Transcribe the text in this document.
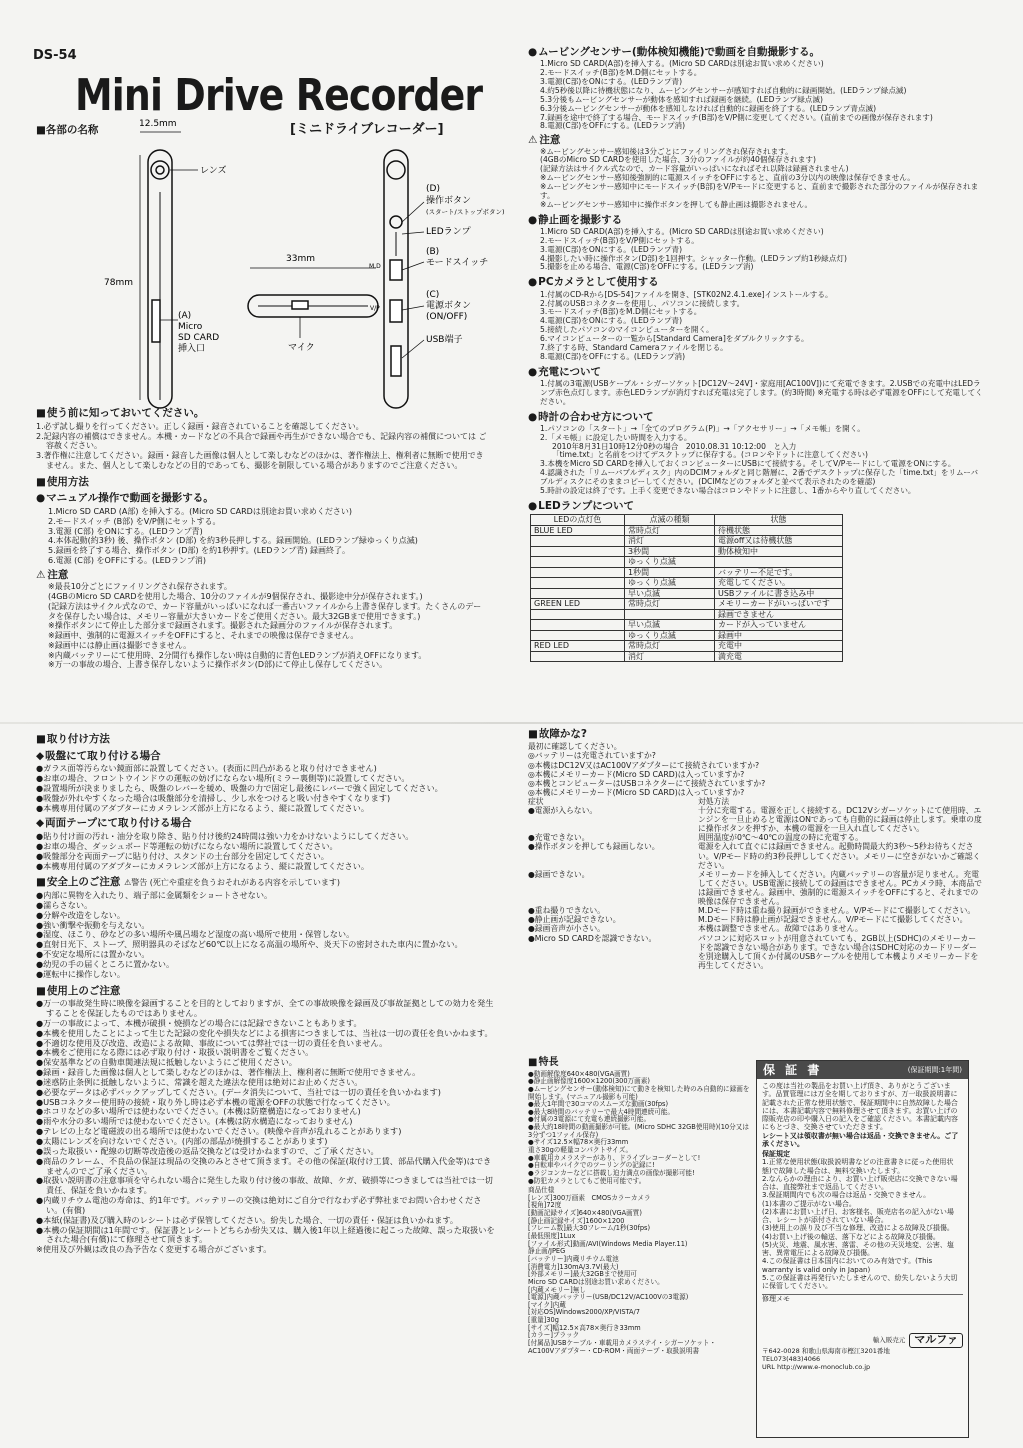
DS-54
Mini Drive Recorder
[ミニドライブレコーダー]
■各部の名称	12.5mm
78mm
レンズ
(A)
Micro
SD CARD
挿入口
33mm
マイク
M.D
V/P
(D)
操作ボタン
(スタート/ストップボタン)
LEDランプ
(B)
モードスイッチ
(C)
電源ボタン
(ON/OFF)
USB端子
■ 使う前に知っておいてください。

1.必ず試し撮りを行ってください。正しく録画・録音されていることを確認してください。

2.記録内容の補償はできません。本機・カードなどの不具合で録画や再生ができない場合でも、記録内容の補償については ご容赦ください。

3.著作権に注意してください。録画・録音した画像は個人として楽しむなどのほかは、著作権法上、権利者に無断で使用できません。また、個人として楽しむなどの目的であっても、撮影を制限している場合がありますのでご注意ください。

■ 使用方法
● マニュアル操作で動画を撮影する。

1.Micro SD CARD (A部) を挿入する。(Micro SD CARDは別途お買い求めください)

2.モードスイッチ (B部) をV/P側にセットする。

3.電源 (C部) をONにする。(LEDランプ青)

4.本体起動(約3秒) 後、操作ボタン (D部) を約3秒長押しする。録画開始。(LEDランプ緑ゆっくり点滅)

5.録画を終了する場合、操作ボタン (D部) を約1秒押す。(LEDランプ青) 録画終了。

6.電源 (C部) をOFFにする。(LEDランプ消)

⚠ 注意

※最長10分ごとにファイリングされ保存されます。

(4GBのMicro SD CARDを使用した場合、10分のファイルが9個保存され、撮影途中分が保存されます。)

(記録方法はサイクル式なので、カード容量がいっぱいになれば一番古いファイルから上書き保存します。たくさんのデータを保存したい場合は、メモリー容量が大きいカードをご使用ください。最大32GBまで使用できます。)

※操作ボタンにて停止した部分まで録画されます。撮影された録画分のファイルが保存されます。

※録画中、強制的に電源スイッチをOFFにすると、それまでの映像は保存できません。

※録画中には静止画は撮影できません。

※内蔵バッテリーにて使用時、2分間行も操作しない時は自動的に青色LEDランプが消えOFFになります。

※万一の事故の場合、上書き保存しないように操作ボタン(D部)にて停止し保存してください。

● ムービングセンサー(動体検知機能)で動画を自動撮影する。

1.Micro SD CARD(A部)を挿入する。(Micro SD CARDは別途お買い求めください)

2.モードスイッチ(B部)をM.D側にセットする。

3.電源(C部)をONにする。(LEDランプ青)

4.約5秒後以降に待機状態になり、ムービングセンサーが感知すれば自動的に録画開始。(LEDランプ緑点滅)

5.3分後もムービングセンサーが動体を感知すれば録画を継続。(LEDランプ緑点滅)

6.3分後ムービングセンサーが動体を感知しなければ自動的に録画を終了する。(LEDランプ青点滅)

7.録画を途中で終了する場合、モードスイッチ(B部)をV/P側に変更してください。(直前までの画像が保存されます)

8.電源(C部)をOFFにする。(LEDランプ消)

⚠ 注意

※ムービングセンサー感知後は3分ごとにファイリングされ保存されます。

(4GBのMicro SD CARDを使用した場合、3分のファイルが約40個保存されます)

(記録方法はサイクル式なので、カード容量がいっぱいになればそれ以降は録画されません)

※ムービングセンサー感知後強制的に電源スイッチをOFFにすると、直前の3分以内の映像は保存できません。

※ムービングセンサー感知中にモードスイッチ(B部)をV/Pモードに変更すると、直前まで撮影された部分のファイルが保存されます。

※ムービングセンサー感知中に操作ボタンを押しても静止画は撮影されません。

● 静止画を撮影する

1.Micro SD CARD(A部)を挿入する。(Micro SD CARDは別途お買い求めください)

2.モードスイッチ(B部)をV/P側にセットする。

3.電源(C部)をONにする。(LEDランプ青)

4.撮影したい時に操作ボタン(D部)を1回押す。シャッター作動。(LEDランプ約1秒緑点灯)

5.撮影を止める場合、電源(C部)をOFFにする。(LEDランプ消)

● PCカメラとして使用する

1.付属のCD-Rから[DS-54]ファイルを開き、[STK02N2.4.1.exe]インストールする。

2.付属のUSBコネクターを使用し、パソコンに接続します。

3.モードスイッチ(B部)をM.D側にセットする。

4.電源(C部)をONにする。(LEDランプ青)

5.接続したパソコンのマイコンピューターを開く。

6.マイコンピューターの一覧から[Standard Camera]をダブルクリックする。

7.終了する時、Standard Cameraファイルを閉じる。

8.電源(C部)をOFFにする。(LEDランプ消)

● 充電について

1.付属の3電源(USBケーブル・シガーソケット[DC12V～24V]・家庭用[AC100V])にて充電できます。2.USBでの充電中はLEDランプ赤色点灯します。赤色LEDランプが消灯すれば充電は完了します。(約3時間) ※充電する時は必ず電源をOFFにして充電してください。

● 時計の合わせ方について

1.パソコンの「スタート」→「全てのプログラム(P)」→「アクセサリー」→「メモ帳」を開く。

2.「メモ帳」に設定したい時間を入力する。

2010年8月31日10時12分0秒の場合　2010.08.31 10:12:00　と入力

「time.txt」と名前をつけてデスクトップに保存する。(コロンやドットに注意してください)

3.本機をMicro SD CARDを挿入しておくコンピューターにUSBにて接続する。そしてV/Pモードにして電源をONにする。

4.認識された「リムーバブルディスク」内のDCIMフォルダと同じ階層に、2番でデスクトップに保存した「time.txt」をリムーバブルディスクにそのままコピーしてください。(DCIMなどのフォルダと並べて表示されたのを確認)

5.時計の設定は終了です。上手く変更できない場合はコロンやドットに注意し、1番からやり直してください。

● LEDランプについて
LEDの点灯色	点滅の種類	状態
BLUE LED	常時点灯	待機状態
	消灯	電源off又は待機状態
	3秒間	動体検知中
	ゆっくり点滅	
	1秒間	バッテリー不足です。
	ゆっくり点滅	充電してください。
	早い点滅	USBファイルに書き込み中
GREEN LED	常時点灯	メモリーカードがいっぱいです
		録画できません
	早い点滅	カードが入っていません
	ゆっくり点滅	録画中
RED LED	常時点灯	充電中
	消灯	満充電
■ 取り付け方法
◆ 吸盤にて取り付ける場合

●ガラス面等汚らない鏡面部に設置してください。(表面に凹凸があると取り付けできません)

●お車の場合、フロントウインドウの運転の妨げにならない場所(ミラー裏側等)に設置してください。

●設置場所が決まりましたら、吸盤のレバーを緩め、吸盤の力で固定し最後にレバーで強く固定してください。

●吸盤が外れやすくなった場合は吸盤部分を清掃し、少し水をつけると吸い付きやすくなります)

●本機専用付属のアダプターにカメラレンズ部が上方になるよう、縦に設置してください。

◆ 両面テープにて取り付ける場合

●貼り付け面の汚れ・油分を取り除き、貼り付け後約24時間は強い力をかけないようにしてください。

●お車の場合、ダッシュボード等運転の妨げにならない場所に設置してください。

●吸盤部分を両面テープに貼り付け、スタンドの土台部分を固定してください。

●本機専用付属のアダプターにカメラレンズ部が上方になるよう、縦に設置してください。

■ 安全上のご注意 ⚠警告 (死亡や重症を負うおそれがある内容を示しています)

●内部に異物を入れたり、端子部に金属類をショートさせない。

●濡らさない。

●分解や改造をしない。

●強い衝撃や振動を与えない。

●湿度、ほこり、砂などの多い場所や風呂場など湿度の高い場所で使用・保管しない。

●直射日光下、ストーブ、照明器具のそばなど60℃以上になる高温の場所や、炎天下の密封された車内に置かない。

●不安定な場所には置かない。

●幼児の手の届くところに置かない。

●運転中に操作しない。

■ 使用上のご注意

●万一の事故発生時に映像を録画することを目的としておりますが、全ての事故映像を録画及び事故証拠としての効力を発生することを保証したものではありません。

●万一の事故によって、本機が破損・焼損などの場合には記録できないこともあります。

●本機を使用したことによって生じた記録の変化や損失などによる損害につきましては、当社は一切の責任を負いかねます。

●不適切な使用及び改造、改造による故障、事故については弊社では一切の責任を負いません。

●本機をご使用になる際には必ず取り付け・取扱い説明書をご覧ください。

●保安基準などの自動車関連法規に抵触しないようにご使用ください。

●録画・録音した画像は個人として楽しむなどのほかは、著作権法上、権利者に無断で使用できません。

●迷惑防止条例に抵触しないように、常識を超えた違法な使用は絶対にお止めください。

●必要なデータは必ずバックアップしてください。(データ消失について、当社では一切の責任を負いかねます)

●USBコネクター使用時の接続・取り外し時は必ず本機の電源をOFFの状態で行なってください。

●ホコリなどの多い場所では使わないでください。(本機は防塵構造になっておりません)

●雨や水分の多い場所では使わないでください。(本機は防水構造になっておりません)

●テレビの上など電磁波の出る場所では使わないでください。(映像や音声が乱れることがあります)

●太陽にレンズを向けないでください。(内部の部品が焼損することがあります)

●誤った取扱い・配線の切断等改造後の返品交換などは受けかねますので、ご了承ください。

●商品のクレーム、不良品の保証は現品の交換のみとさせて頂きます。その他の保証(取付け工賃、部品代購入代金等)はできませんのでご了承ください。

●取扱い説明書の注意事項を守られない場合に発生した取り付け後の事故、故障、ケガ、破損等につきましては当社では一切責任、保証を負いかねます。

●内蔵リチウム電池の寿命は、約1年です。バッテリーの交換は絶対にご自分で行なわず必ず弊社までお問い合わせください。(有償)

●本紙(保証書)及び購入時のレシートは必ず保管してください。紛失した場合、一切の責任・保証は負いかねます。

●本機の保証期間は1年間です。保証書とレシートどちらか紛失又は、購入後1年以上経過後に起こった故障、誤った取扱いをされた場合(有償)にて修理させて頂きます。

※使用及び外観は改良の為予告なく変更する場合がございます。

■ 故障かな?

最初に確認してください。

◎バッテリーは充電されていますか?

◎本機はDC12V又はAC100Vアダプターにて接続されていますか?

◎本機にメモリーカード(Micro SD CARD)は入っていますか?

◎本機とコンピューターはUSBコネクターにて接続されていますか?

◎本機にメモリーカード(Micro SD CARD)は入っていますか?

症状	対処方法
●電源が入らない。	十分に充電する。電源を正しく接続する。DC12Vシガーソケットにて使用時、エンジンを一旦止めると電源はONであっても自動的に録画は停止します。乗車の度に操作ボタンを押すか、本機の電源を一旦入れ直してください。
●充電できない。	周囲温度が0℃〜40℃の温度の時に充電する。
●操作ボタンを押しても録画しない。	電源を入れて直ぐには録画できません。起動時間最大約3秒〜5秒お待ちください。V/Pモード時の約3秒長押ししてください。メモリーに空きがないかご確認ください。
●録画できない。	メモリーカードを挿入してください。内蔵バッテリーの容量が足りません。充電してください。USB電源に接続しての録画はできません。PCカメラ時、本商品では録画できません。録画中、強制的に電源スイッチをOFFにすると、それまでの映像は保存できません。
●重ね撮りできない。	M.Dモード時は重ね撮り録画ができません。V/Pモードにて撮影してください。
●静止画が記録できない。	M.Dモード時は静止画が記録できません。V/Pモードにて撮影してください。
●録画音声が小さい。	本機は調整できません。故障ではありません。
●Micro SD CARDを認識できない。	パソコンに対応スロットが用意されていても、2GB以上(SDHC)のメモリーカードを認識できない場合があります。できない場合はSDHC対応のカードリーダーを別途購入して頂くか付属のUSBケーブルを使用して本機よりメモリーカードを再生してください。
■ 特長

●動画解像度640×480(VGA画質)

●静止画解像度1600×1200(300万画素)

●ムービングセンサー(動体検知)にて動きを検知した時のみ自動的に録画を開始します。(マニュアル撮影も可能)

●最大1年間で30コマのスムーズな動画(30fps)

●最大8時間のバッテリーで最大4時間連続可能。

●付属の3電源にて充電も連続撮影可能。

●最大約18時間の動画撮影が可能。(Micro SDHC 32GB使用時)(10分又は3分ずつ1ファイル保存)

●サイズ12.5×幅78×奥行33mm

重さ30gの軽量コンパクトサイズ。

●車載用カメラステーがあり、ドライブレコーダーとして!

●自転車やバイクでのツーリングの記録に!

●ラジコンカーなどに搭載し迫力満点の画像が撮影可能!

●防犯カメラとしてもご使用可能です。

商品仕様

[レンズ]300万画素　CMOSカラーカメラ

[視角]72度

[動画記録サイズ]640×480(VGA画質)

[静止画記録サイズ]1600×1200

[フレーム数]最大30フレーム/1秒(30fps)

[最低照度]1Lux

[ファイル形式]動画/AVI(Windows Media Player.11)

静止画/JPEG

[バッテリー]内蔵リチウム電池

[消費電力]130mA/3.7V(最大)

[外部メモリー]最大32GBまで使用可

Micro SD CARDは別途お買い求めください。

[内蔵メモリー]無し

[電源]内蔵バッテリー(USB/DC12V/AC100Vの3電源)

[マイク]内蔵

[対応OS]Windows2000/XP/VISTA/7

[重量]30g

[サイズ]幅12.5×高78×奥行き33mm

[カラー]ブラック

[付属品]USBケーブル・車載用カメラステイ・シガーソケット・

AC100Vアダプター・CD-ROM・両面テープ・取扱説明書

保 証 書	(保証期間:1年間)

この度は当社の製品をお買い上げ頂き、ありがとうございます。品質管理には万全を期しておりますが、万一取扱説明書に記載された正常な使用状態で、保証期間中に自然故障した場合には、本書記載内容で無料修理させて頂きます。お買い上げの際販売店の印や購入日の記入をご確認ください。本書記載内容にもとづき、交換させていただきます。

レシート又は領収書が無い場合は返品・交換できません。ご了承ください。

保証規定

1.正常な使用状態(取扱説明書などの注意書きに従った使用状態)で故障した場合は、無料交換いたします。

2.なんらかの理由により、お買い上げ販売店に交換できない場合は、直接弊社まで返品してください。

3.保証期間内でも次の場合は返品・交換できません。

(1)本書のご提示がない場合。

(2)本書にお買い上げ日、お客様名、販売店名の記入がない場合、レシートが添付されていない場合。

(3)使用上の誤り及び不当な修理、改造による故障及び損傷。

(4)お買い上げ後の輸送、落下などによる故障及び損傷。

(5)火災、地震、風水害、落雷、その他の天災地変、公害、塩害、異常電圧による故障及び損傷。

4.この保証書は日本国内においてのみ有効です。(This warranty is valid only in Japan)

5.この保証書は再発行いたしませんので、紛失しないよう大切に保管してください。

修理メモ
輸入販売元 マルファ

〒642-0028 和歌山県海南市樫江3201番地

TEL073(483)4066

URL http://www.e-monoclub.co.jp
